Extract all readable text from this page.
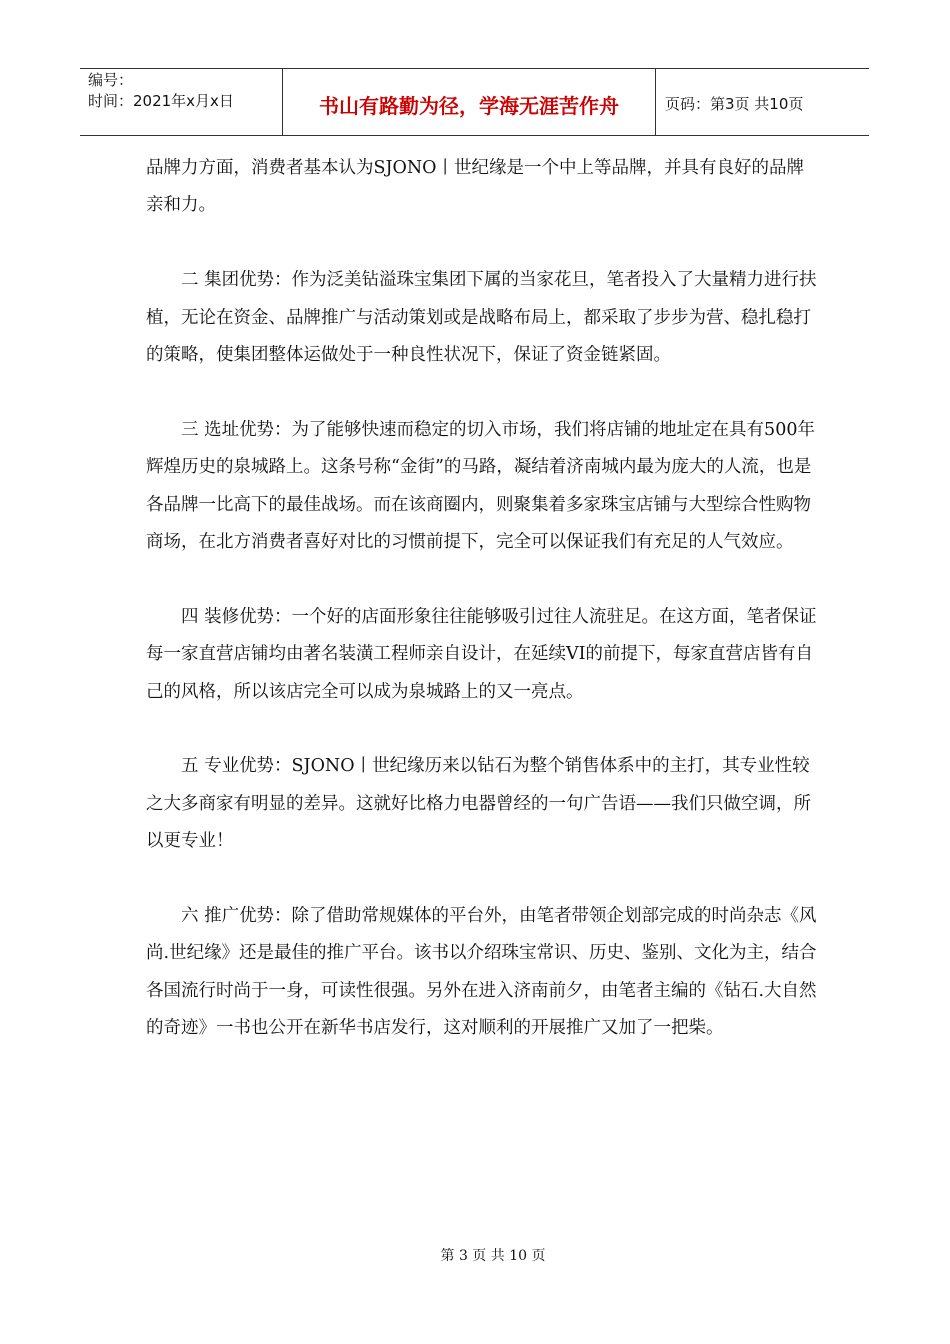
编号：
时间：2021年x月x日	书山有路勤为径，学海无涯苦作舟	页码：第3页 共10页

品牌力方面，消费者基本认为SJONO丨世纪缘是一个中上等品牌，并具有良好的品牌亲和力。

二 集团优势：作为泛美钻溢珠宝集团下属的当家花旦，笔者投入了大量精力进行扶植，无论在资金、品牌推广与活动策划或是战略布局上，都采取了步步为营、稳扎稳打的策略，使集团整体运做处于一种良性状况下，保证了资金链紧固。

三 选址优势：为了能够快速而稳定的切入市场，我们将店铺的地址定在具有500年辉煌历史的泉城路上。这条号称“金街”的马路，凝结着济南城内最为庞大的人流，也是各品牌一比高下的最佳战场。而在该商圈内，则聚集着多家珠宝店铺与大型综合性购物商场，在北方消费者喜好对比的习惯前提下，完全可以保证我们有充足的人气效应。

四 装修优势：一个好的店面形象往往能够吸引过往人流驻足。在这方面，笔者保证每一家直营店铺均由著名装潢工程师亲自设计，在延续VI的前提下，每家直营店皆有自己的风格，所以该店完全可以成为泉城路上的又一亮点。

五 专业优势：SJONO丨世纪缘历来以钻石为整个销售体系中的主打，其专业性较之大多商家有明显的差异。这就好比格力电器曾经的一句广告语——我们只做空调，所以更专业！

六 推广优势：除了借助常规媒体的平台外，由笔者带领企划部完成的时尚杂志《风尚.世纪缘》还是最佳的推广平台。该书以介绍珠宝常识、历史、鉴别、文化为主，结合各国流行时尚于一身，可读性很强。另外在进入济南前夕，由笔者主编的《钻石.大自然的奇迹》一书也公开在新华书店发行，这对顺利的开展推广又加了一把柴。

第 3 页 共 10 页
